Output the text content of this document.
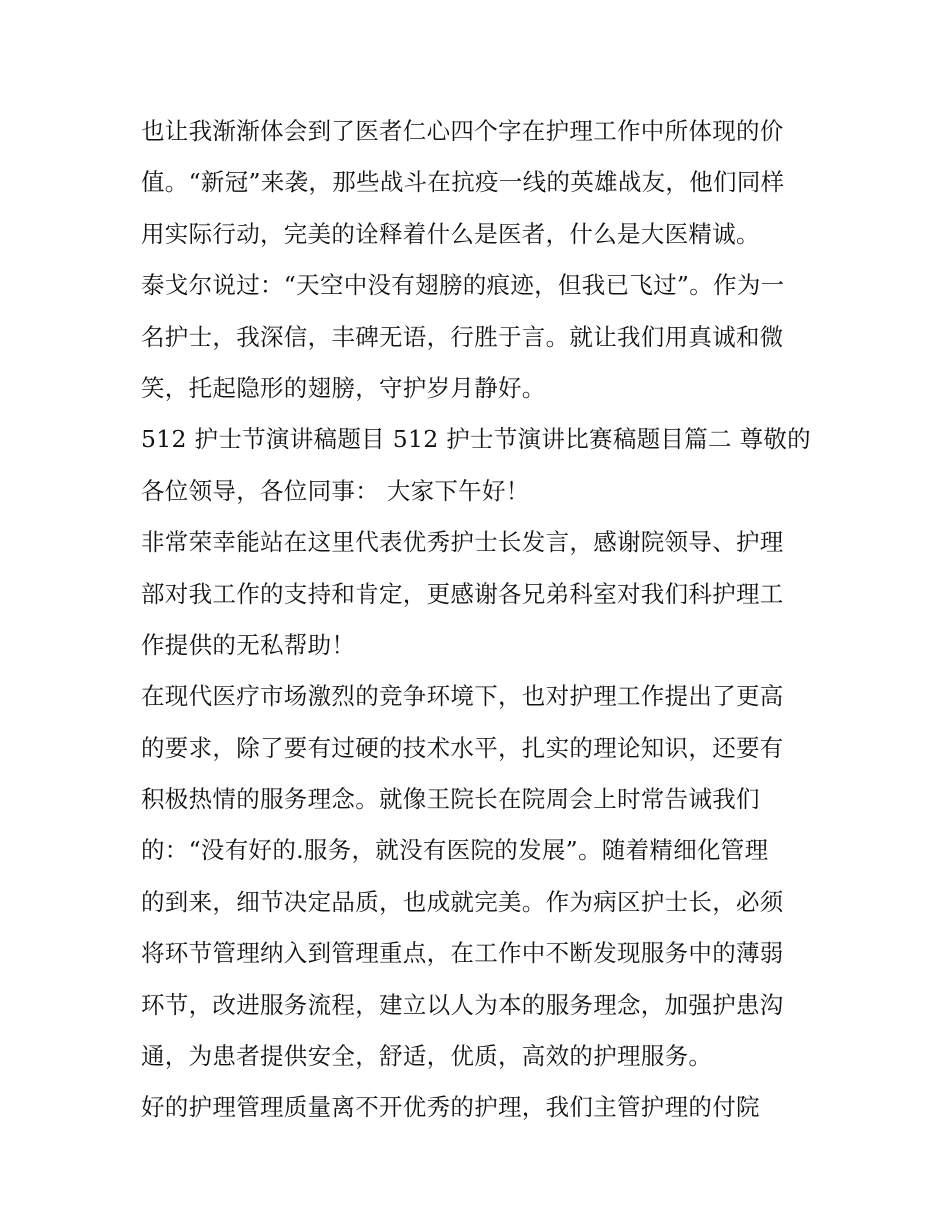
也让我渐渐体会到了医者仁心四个字在护理工作中所体现的价
值。“新冠”来袭，那些战斗在抗疫一线的英雄战友，他们同样
用实际行动，完美的诠释着什么是医者，什么是大医精诚。
泰戈尔说过：“天空中没有翅膀的痕迹，但我已飞过”。作为一
名护士，我深信，丰碑无语，行胜于言。就让我们用真诚和微
笑，托起隐形的翅膀，守护岁月静好。
512 护士节演讲稿题目 512 护士节演讲比赛稿题目篇二 尊敬的
各位领导，各位同事： 大家下午好！
非常荣幸能站在这里代表优秀护士长发言，感谢院领导、护理
部对我工作的支持和肯定，更感谢各兄弟科室对我们科护理工
作提供的无私帮助！
在现代医疗市场激烈的竞争环境下，也对护理工作提出了更高
的要求，除了要有过硬的技术水平，扎实的理论知识，还要有
积极热情的服务理念。就像王院长在院周会上时常告诫我们
的：“没有好的.服务，就没有医院的发展”。随着精细化管理
的到来，细节决定品质，也成就完美。作为病区护士长，必须
将环节管理纳入到管理重点，在工作中不断发现服务中的薄弱
环节，改进服务流程，建立以人为本的服务理念，加强护患沟
通，为患者提供安全，舒适，优质，高效的护理服务。
好的护理管理质量离不开优秀的护理，我们主管护理的付院
